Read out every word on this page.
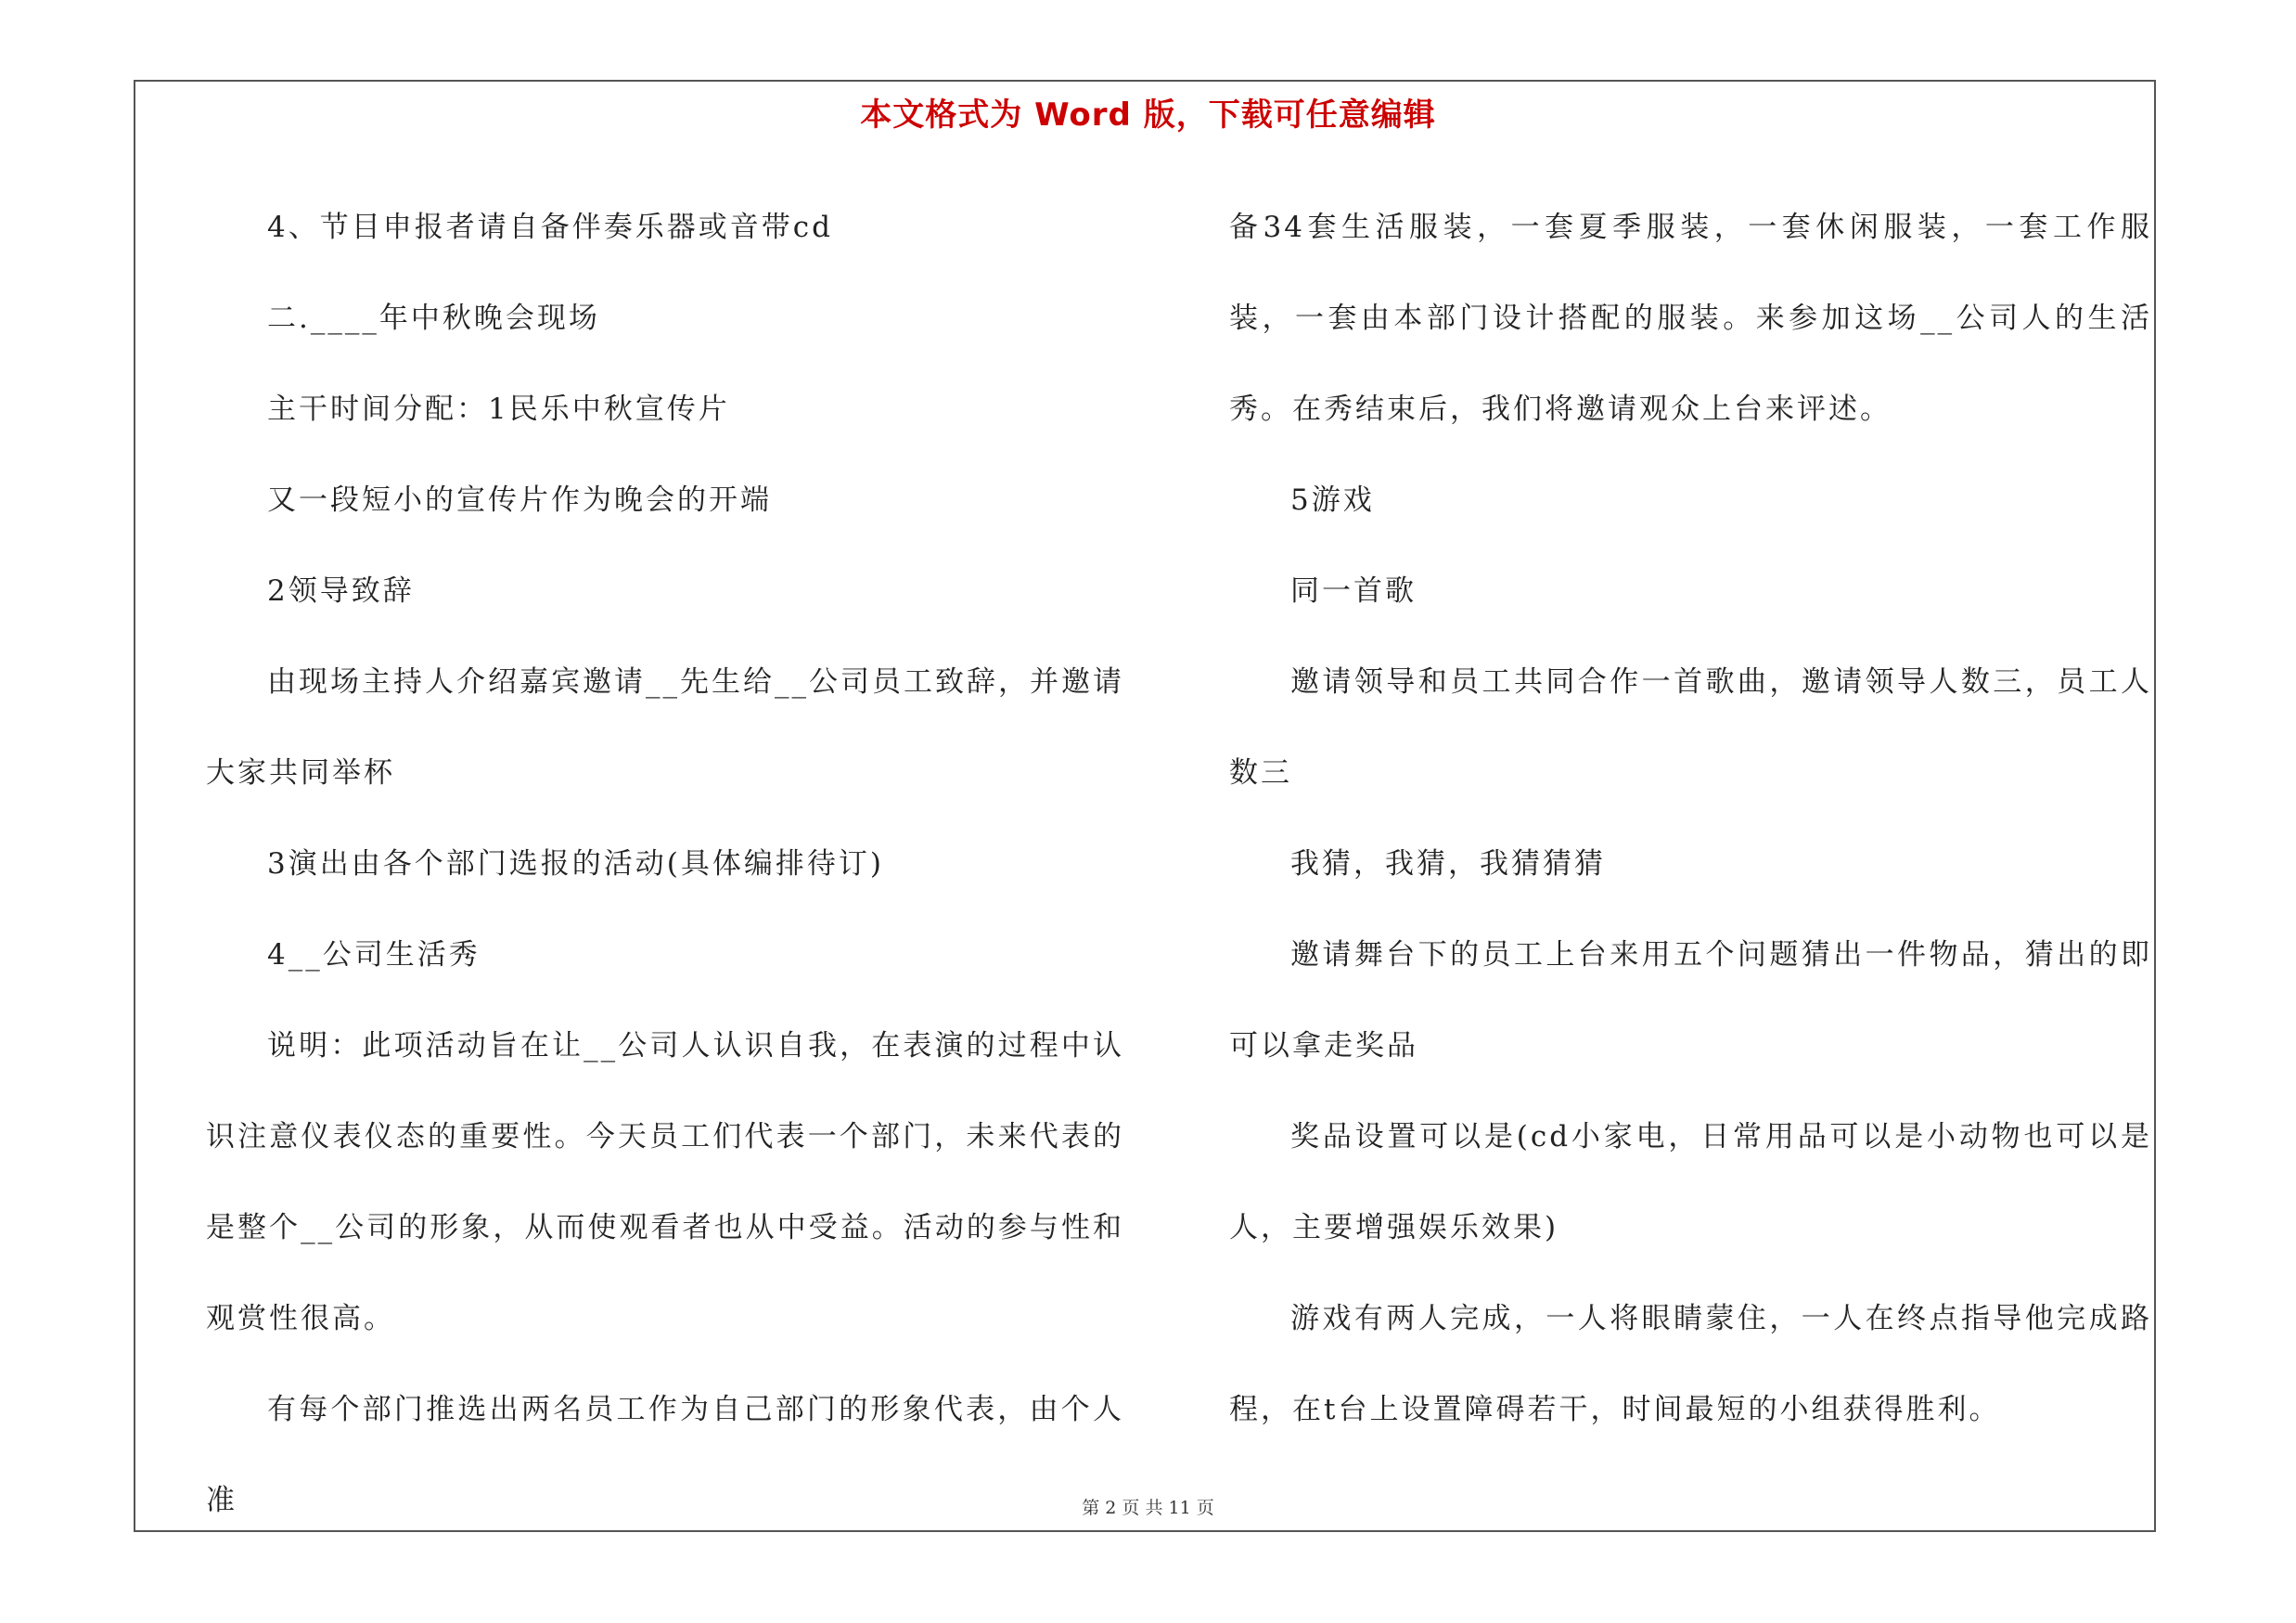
本文格式为 Word 版，下载可任意编辑

4、节目申报者请自备伴奏乐器或音带cd

二.____年中秋晚会现场

主干时间分配：1民乐中秋宣传片

又一段短小的宣传片作为晚会的开端

2领导致辞

由现场主持人介绍嘉宾邀请__先生给__公司员工致辞，并邀请大家共同举杯

3演出由各个部门选报的活动(具体编排待订)

4__公司生活秀

说明：此项活动旨在让__公司人认识自我，在表演的过程中认识注意仪表仪态的重要性。今天员工们代表一个部门，未来代表的是整个__公司的形象，从而使观看者也从中受益。活动的参与性和观赏性很高。

有每个部门推选出两名员工作为自己部门的形象代表，由个人准

备34套生活服装，一套夏季服装，一套休闲服装，一套工作服装，一套由本部门设计搭配的服装。来参加这场__公司人的生活秀。在秀结束后，我们将邀请观众上台来评述。

5游戏

同一首歌

邀请领导和员工共同合作一首歌曲，邀请领导人数三，员工人数三

我猜，我猜，我猜猜猜

邀请舞台下的员工上台来用五个问题猜出一件物品，猜出的即可以拿走奖品

奖品设置可以是(cd小家电，日常用品可以是小动物也可以是人，主要增强娱乐效果)

游戏有两人完成，一人将眼睛蒙住，一人在终点指导他完成路程，在t台上设置障碍若干，时间最短的小组获得胜利。

第 2 页 共 11 页
